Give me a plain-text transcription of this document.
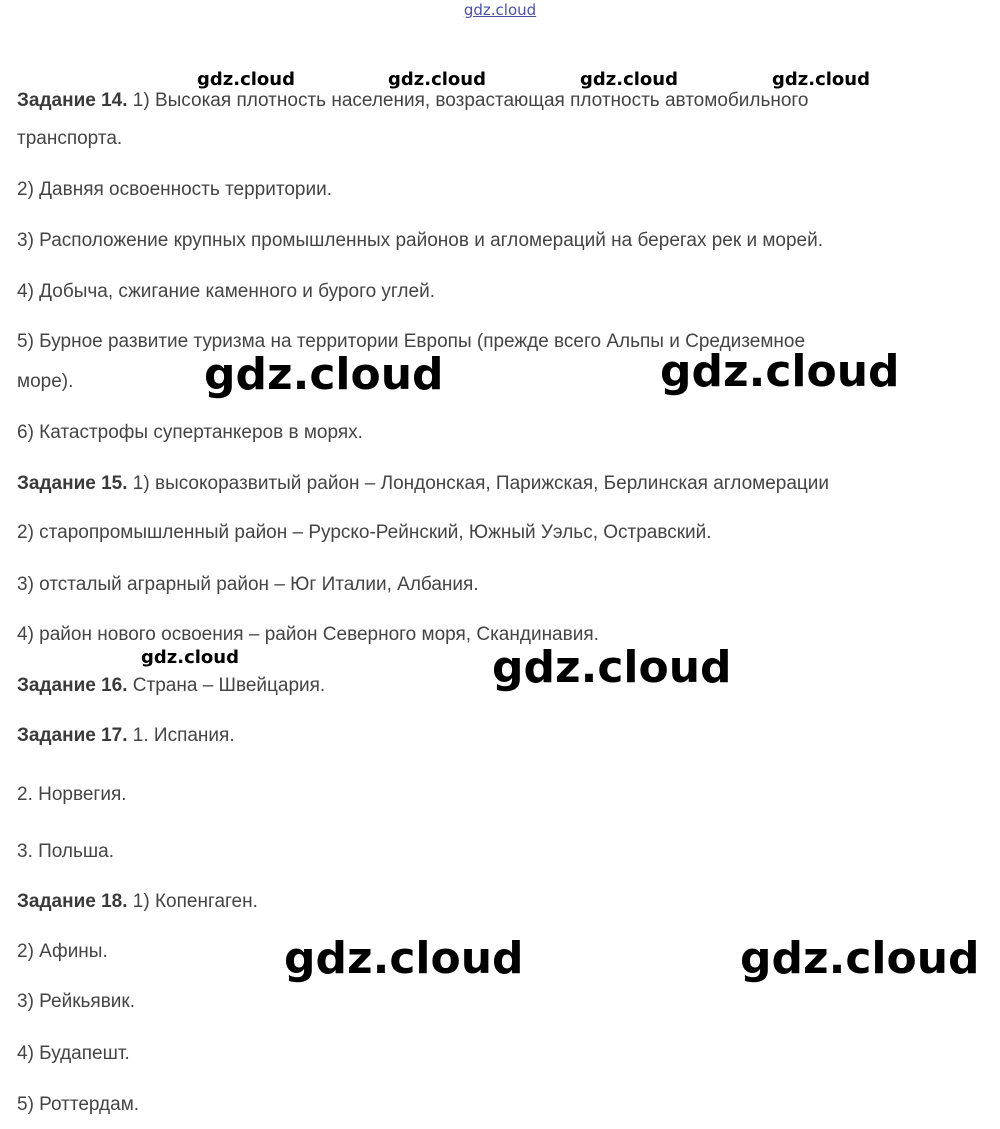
gdz.cloud
Задание 14. 1) Высокая плотность населения, возрастающая плотность автомобильного
транспорта.
2) Давняя освоенность территории.
3) Расположение крупных промышленных районов и агломераций на берегах рек и морей.
4) Добыча, сжигание каменного и бурого углей.
5) Бурное развитие туризма на территории Европы (прежде всего Альпы и Средиземное
море).
6) Катастрофы супертанкеров в морях.
Задание 15. 1) высокоразвитый район – Лондонская, Парижская, Берлинская агломерации
2) старопромышленный район – Рурско-Рейнский, Южный Уэльс, Остравский.
3) отсталый аграрный район – Юг Италии, Албания.
4) район нового освоения – район Северного моря, Скандинавия.
Задание 16. Страна – Швейцария.
Задание 17. 1. Испания.
2. Норвегия.
3. Польша.
Задание 18. 1) Копенгаген.
2) Афины.
3) Рейкьявик.
4) Будапешт.
5) Роттердам.
gdz.cloud	gdz.cloud	gdz.cloud	gdz.cloud
gdz.cloud	gdz.cloud
gdz.cloud	gdz.cloud
gdz.cloud	gdz.cloud
